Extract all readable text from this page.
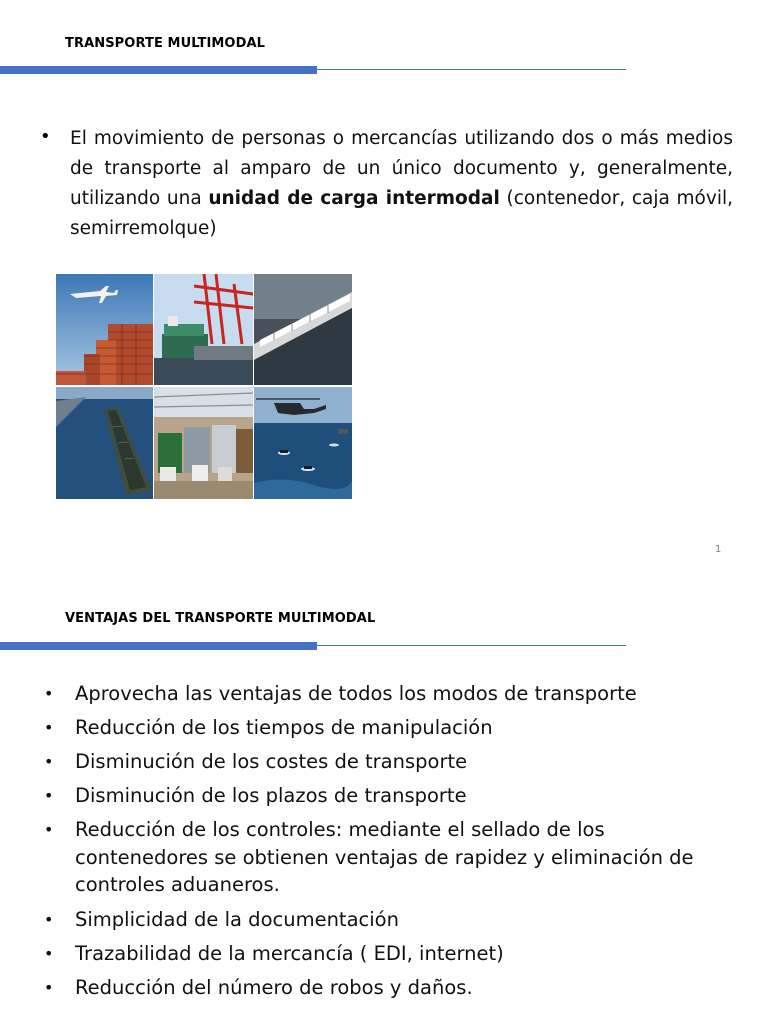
TRANSPORTE MULTIMODAL
• El movimiento de personas o mercancías utilizando dos o más medios de transporte al amparo de un único documento y, generalmente, utilizando una unidad de carga intermodal (contenedor, caja móvil, semirremolque)
1
VENTAJAS DEL TRANSPORTE MULTIMODAL
• Aprovecha las ventajas de todos los modos de transporte
• Reducción de los tiempos de manipulación
• Disminución de los costes de transporte
• Disminución de los plazos de transporte
• Reducción de los controles: mediante el sellado de los contenedores se obtienen ventajas de rapidez y eliminación de controles aduaneros.
• Simplicidad de la documentación
• Trazabilidad de la mercancía ( EDI, internet)
• Reducción del número de robos y daños.
